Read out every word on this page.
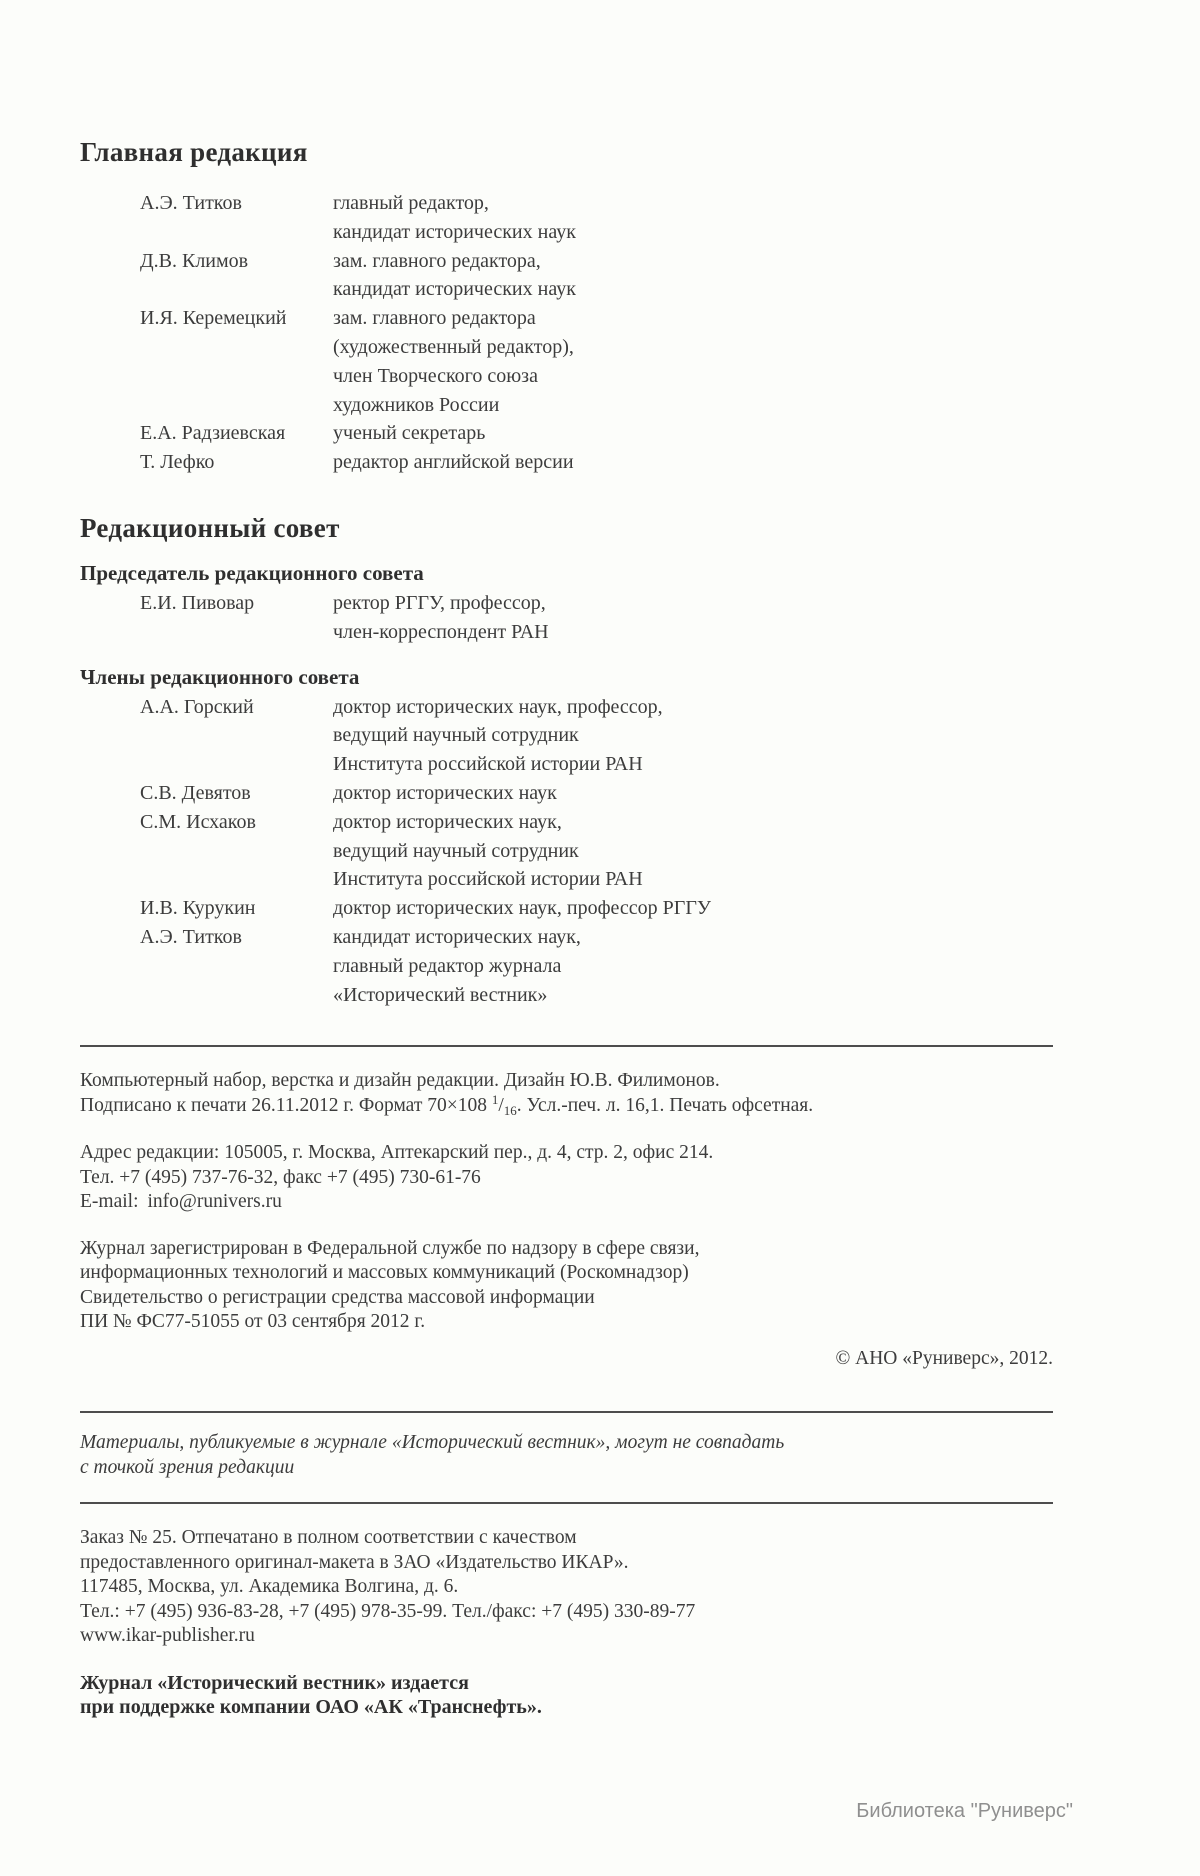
Главная редакция
А.Э. Титков	главный редактор,
кандидат исторических наук
Д.В. Климов	зам. главного редактора,
кандидат исторических наук
И.Я. Керемецкий	зам. главного редактора
(художественный редактор),
член Творческого союза
художников России
Е.А. Радзиевская	ученый секретарь
Т. Лефко	редактор английской версии
Редакционный совет
Председатель редакционного совета
Е.И. Пивовар	ректор РГГУ, профессор,
член-корреспондент РАН
Члены редакционного совета
А.А. Горский	доктор исторических наук, профессор,
ведущий научный сотрудник
Института российской истории РАН
С.В. Девятов	доктор исторических наук
С.М. Исхаков	доктор исторических наук,
ведущий научный сотрудник
Института российской истории РАН
И.В. Курукин	доктор исторических наук, профессор РГГУ
А.Э. Титков	кандидат исторических наук,
главный редактор журнала
«Исторический вестник»
Компьютерный набор, верстка и дизайн редакции. Дизайн Ю.В. Филимонов.
Подписано к печати 26.11.2012 г. Формат 70×108 $^1/_{16}$. Усл.-печ. л. 16,1. Печать офсетная.
Адрес редакции: 105005, г. Москва, Аптекарский пер., д. 4, стр. 2, офис 214.
Тел. +7 (495) 737-76-32, факс +7 (495) 730-61-76
E-mail: info@runivers.ru
Журнал зарегистрирован в Федеральной службе по надзору в сфере связи,
информационных технологий и массовых коммуникаций (Роскомнадзор)
Свидетельство о регистрации средства массовой информации
ПИ № ФС77-51055 от 03 сентября 2012 г.
© АНО «Руниверс», 2012.
Материалы, публикуемые в журнале «Исторический вестник», могут не совпадать
с точкой зрения редакции
Заказ № 25. Отпечатано в полном соответствии с качеством
предоставленного оригинал-макета в ЗАО «Издательство ИКАР».
117485, Москва, ул. Академика Волгина, д. 6.
Тел.: +7 (495) 936-83-28, +7 (495) 978-35-99. Тел./факс: +7 (495) 330-89-77
www.ikar-publisher.ru
Журнал «Исторический вестник» издается
при поддержке компании ОАО «АК «Транснефть».
Библиотека "Руниверс"
